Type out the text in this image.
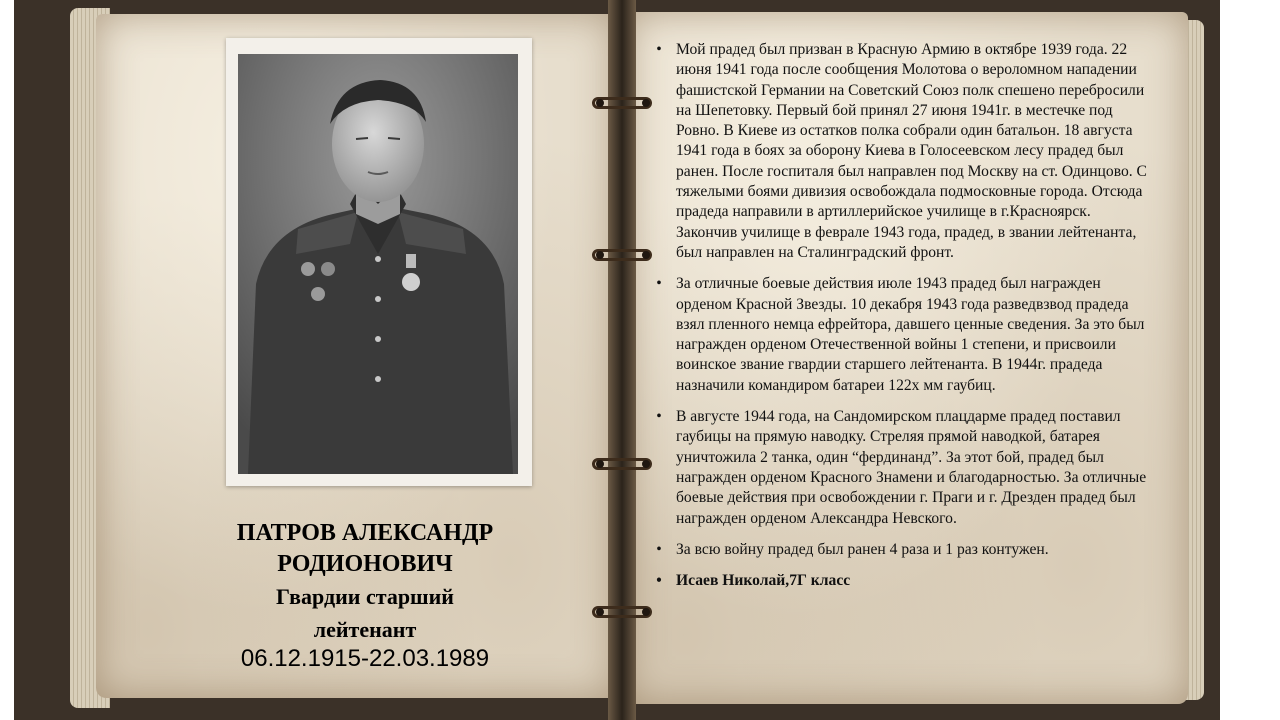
ПАТРОВ АЛЕКСАНДР
РОДИОНОВИЧ
Гвардии старший
лейтенант
06.12.1915-22.03.1989

• Мой прадед был призван в Красную Армию в октябре 1939 года. 22 июня 1941 года после сообщения Молотова о вероломном нападении фашистской Германии на Советский Союз полк спешено перебросили на Шепетовку. Первый бой принял 27 июня 1941г. в местечке под Ровно. В Киеве из остатков полка собрали один батальон. 18 августа 1941 года в боях за оборону Киева в Голосеевском лесу прадед был ранен. После госпиталя был направлен под Москву на ст. Одинцово. С тяжелыми боями дивизия освобождала подмосковные города. Отсюда прадеда направили в артиллерийское училище в г.Красноярск. Закончив училище в феврале 1943 года, прадед, в звании лейтенанта, был направлен на Сталинградский фронт.

• За отличные боевые действия июле 1943 прадед был награжден орденом Красной Звезды. 10 декабря 1943 года разведвзвод прадеда взял пленного немца ефрейтора, давшего ценные сведения. За это был награжден орденом Отечественной войны 1 степени, и присвоили воинское звание гвардии старшего лейтенанта. В 1944г. прадеда назначили командиром батареи 122х мм гаубиц.

• В августе 1944 года, на Сандомирском плацдарме прадед поставил гаубицы на прямую наводку. Стреляя прямой наводкой, батарея уничтожила 2 танка, один “фердинанд”. За этот бой, прадед был награжден орденом Красного Знамени и благодарностью. За отличные боевые действия при освобождении г. Праги и г. Дрезден прадед был награжден орденом Александра Невского.

• За всю войну прадед был ранен 4 раза и 1 раз контужен.

• Исаев Николай,7Г класс
